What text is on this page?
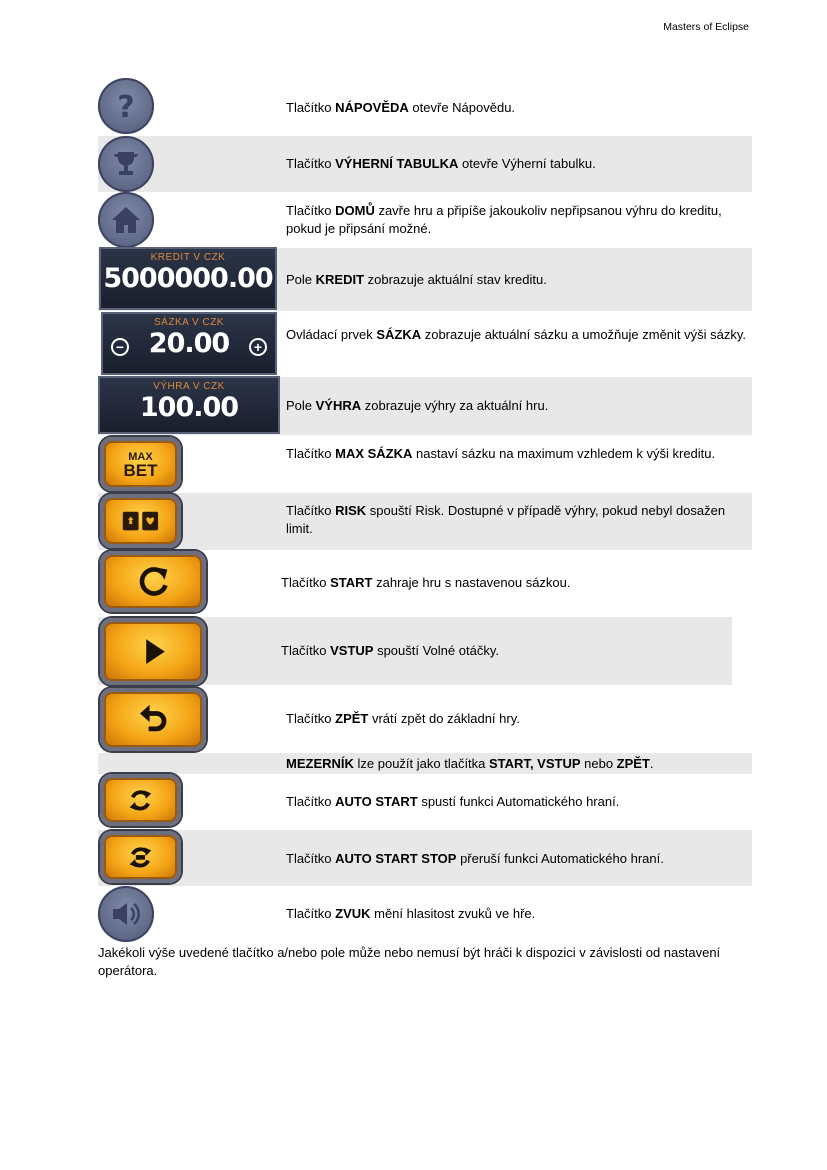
Masters of Eclipse
?
KREDIT V CZK
5000000.00
SÁZKA V CZK
20.00
−	+
VÝHRA V CZK
100.00
MAX
BET
Tlačítko NÁPOVĚDA otevře Nápovědu.
Tlačítko VÝHERNÍ TABULKA otevře Výherní tabulku.
Tlačítko DOMŮ zavře hru a připíše jakoukoliv nepřipsanou výhru do kreditu, pokud je připsání možné.
Pole KREDIT zobrazuje aktuální stav kreditu.
Ovládací prvek SÁZKA zobrazuje aktuální sázku a umožňuje změnit výši sázky.
Pole VÝHRA zobrazuje výhry za aktuální hru.
Tlačítko MAX SÁZKA nastaví sázku na maximum vzhledem k výši kreditu.
Tlačítko RISK spouští Risk. Dostupné v případě výhry, pokud nebyl dosažen limit.
Tlačítko START zahraje hru s nastavenou sázkou.
Tlačítko VSTUP spouští Volné otáčky.
Tlačítko ZPĚT vrátí zpět do základní hry.
MEZERNÍK lze použít jako tlačítka START, VSTUP nebo ZPĚT.
Tlačítko AUTO START spustí funkci Automatického hraní.
Tlačítko AUTO START STOP přeruší funkci Automatického hraní.
Tlačítko ZVUK mění hlasitost zvuků ve hře.
Jakékoli výše uvedené tlačítko a/nebo pole může nebo nemusí být hráči k dispozici v závislosti od nastavení operátora.
